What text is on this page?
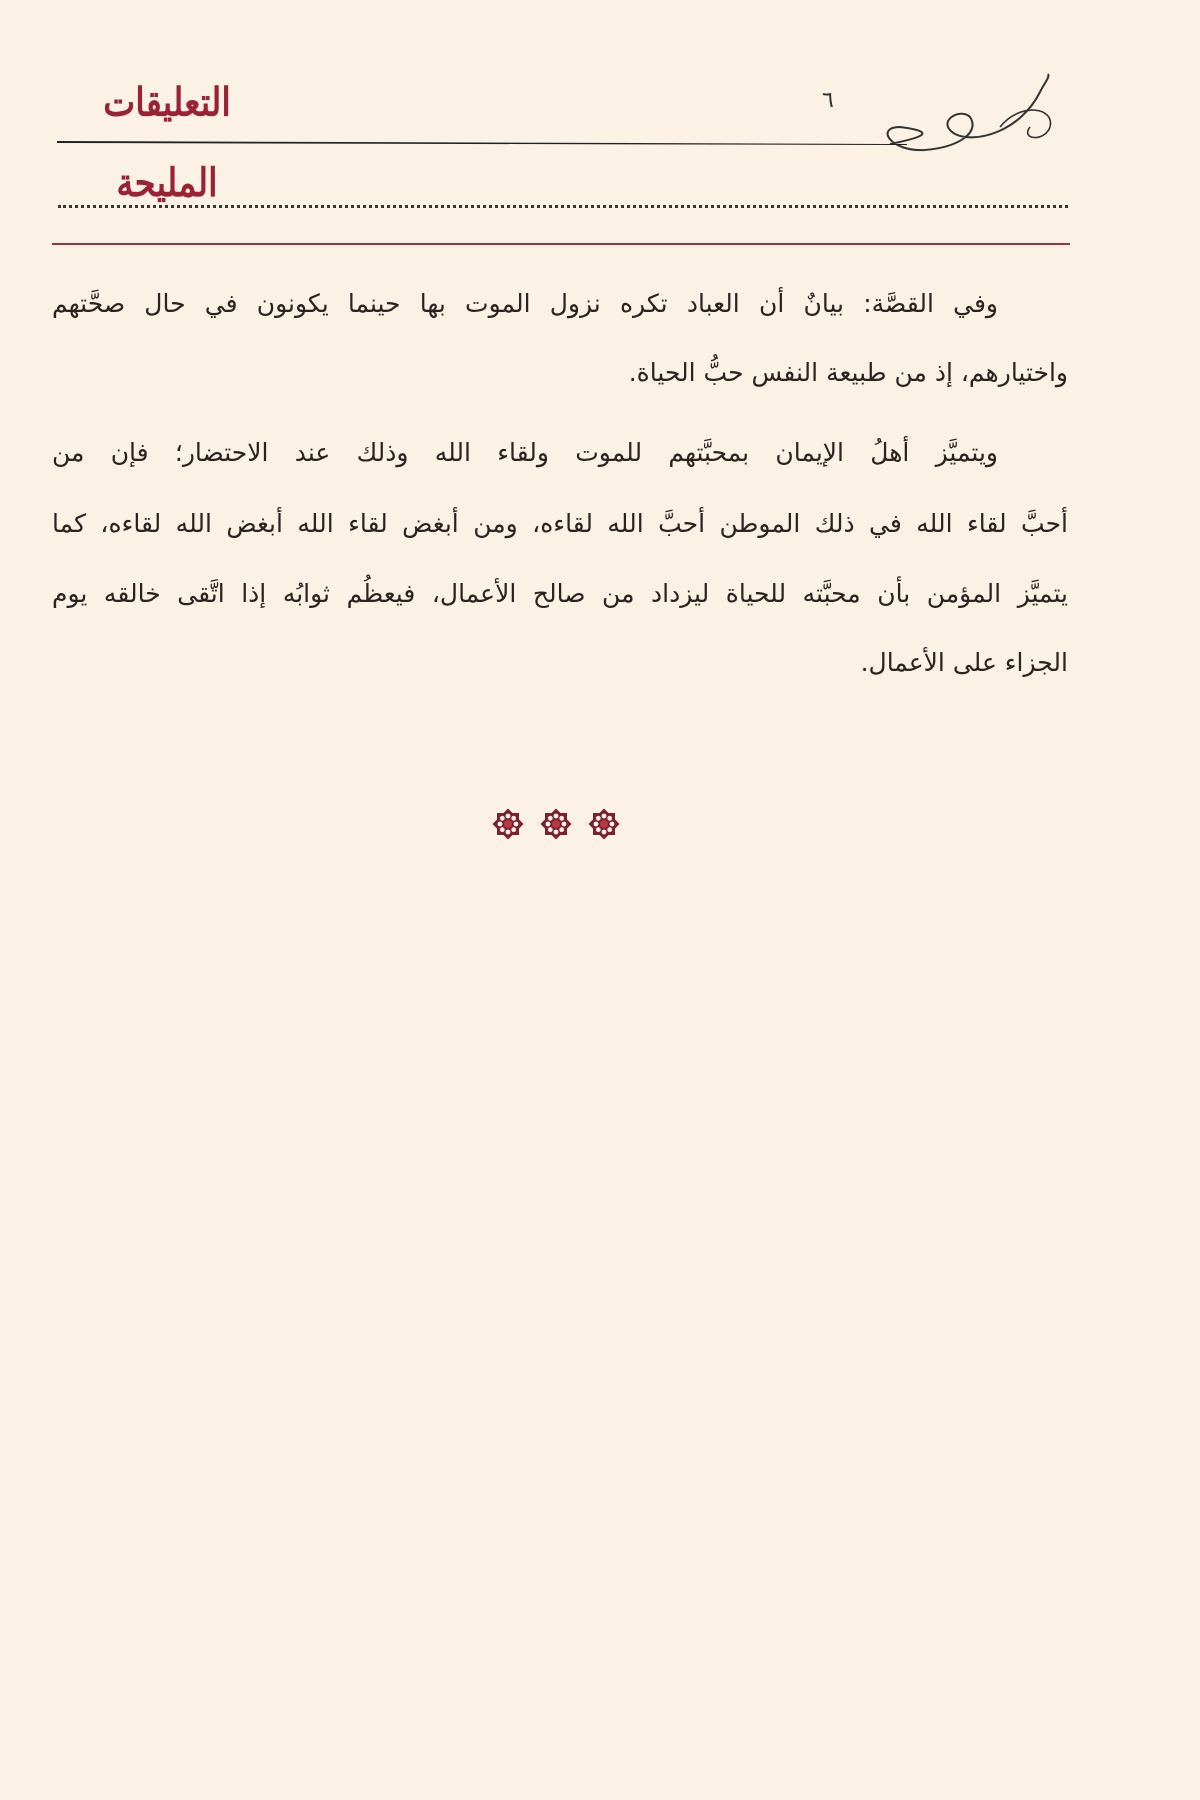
التعليقات المليحة
٦
وفي القصَّة: بيانٌ أن العباد تكره نزول الموت بها حينما يكونون في حال صحَّتهم
واختيارهم، إذ من طبيعة النفس حبُّ الحياة.
ويتميَّز أهلُ الإيمان بمحبَّتهم للموت ولقاء الله وذلك عند الاحتضار؛ فإن من
أحبَّ لقاء الله في ذلك الموطن أحبَّ الله لقاءه، ومن أبغض لقاء الله أبغض الله لقاءه، كما
يتميَّز المؤمن بأن محبَّته للحياة ليزداد من صالح الأعمال، فيعظُم ثوابُه إذا اتَّقى خالقه يوم
الجزاء على الأعمال.
